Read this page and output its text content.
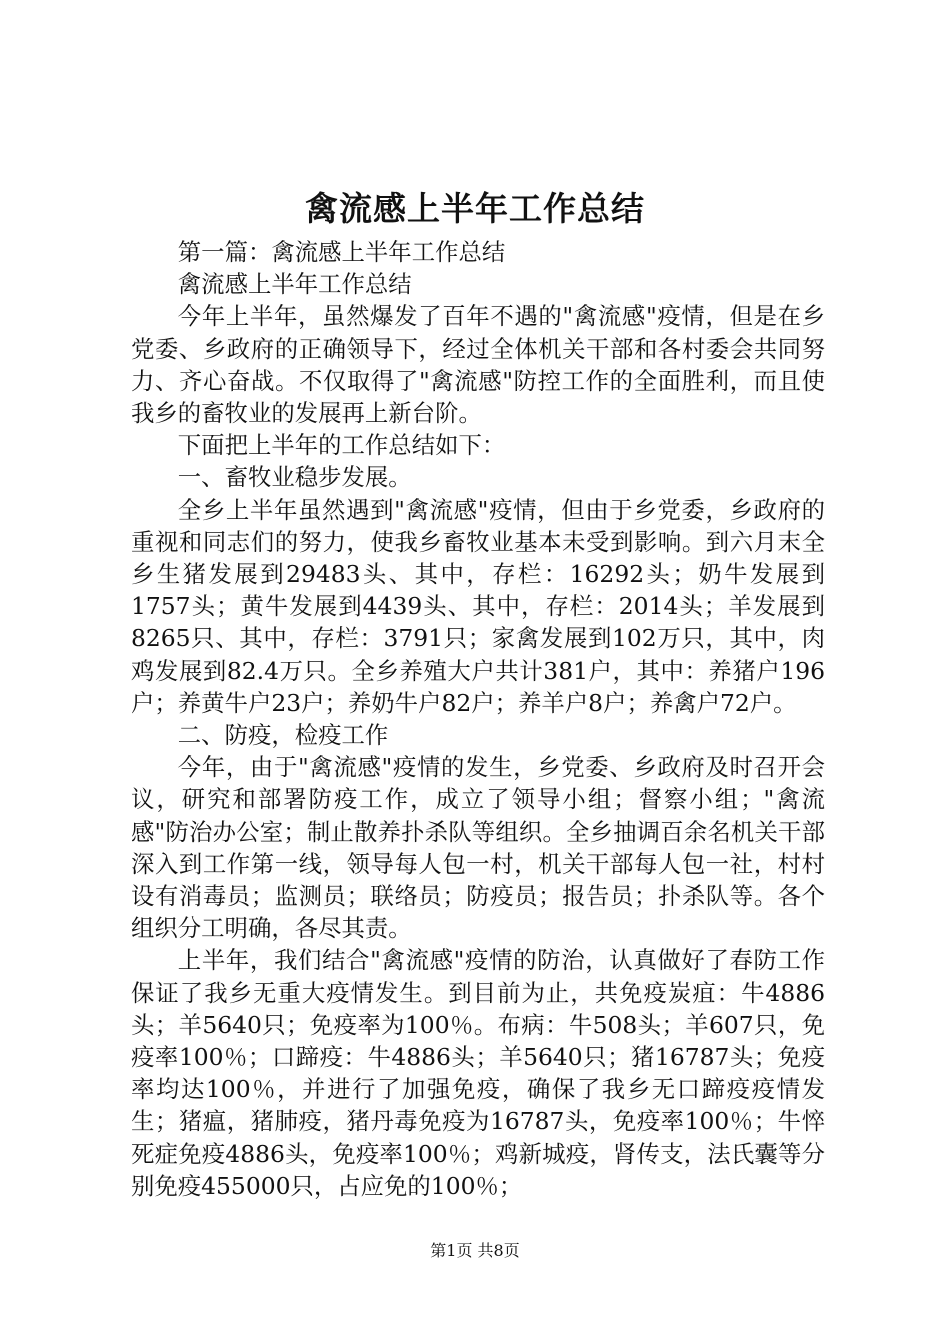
禽流感上半年工作总结

第一篇：禽流感上半年工作总结

禽流感上半年工作总结

今年上半年，虽然爆发了百年不遇的"禽流感"疫情，但是在乡党委、乡政府的正确领导下，经过全体机关干部和各村委会共同努力、齐心奋战。不仅取得了"禽流感"防控工作的全面胜利，而且使我乡的畜牧业的发展再上新台阶。

下面把上半年的工作总结如下：

一、畜牧业稳步发展。

全乡上半年虽然遇到"禽流感"疫情，但由于乡党委，乡政府的重视和同志们的努力，使我乡畜牧业基本未受到影响。到六月末全乡生猪发展到29483头、其中，存栏：16292头；奶牛发展到1757头；黄牛发展到4439头、其中，存栏：2014头；羊发展到8265只、其中，存栏：3791只；家禽发展到102万只，其中，肉鸡发展到82.4万只。全乡养殖大户共计381户，其中：养猪户196户；养黄牛户23户；养奶牛户82户；养羊户8户；养禽户72户。

二、防疫，检疫工作

今年，由于"禽流感"疫情的发生，乡党委、乡政府及时召开会议，研究和部署防疫工作，成立了领导小组；督察小组；"禽流感"防治办公室；制止散养扑杀队等组织。全乡抽调百余名机关干部深入到工作第一线，领导每人包一村，机关干部每人包一社，村村设有消毒员；监测员；联络员；防疫员；报告员；扑杀队等。各个组织分工明确，各尽其责。

上半年，我们结合"禽流感"疫情的防治，认真做好了春防工作保证了我乡无重大疫情发生。到目前为止，共免疫炭疽：牛4886头；羊5640只；免疫率为100％。布病：牛508头；羊607只，免疫率100％；口蹄疫：牛4886头；羊5640只；猪16787头；免疫率均达100％，并进行了加强免疫，确保了我乡无口蹄疫疫情发生；猪瘟，猪肺疫，猪丹毒免疫为16787头，免疫率100％；牛悴死症免疫4886头，免疫率100％；鸡新城疫，肾传支，法氏囊等分别免疫455000只，占应免的100％；

第1页 共8页
